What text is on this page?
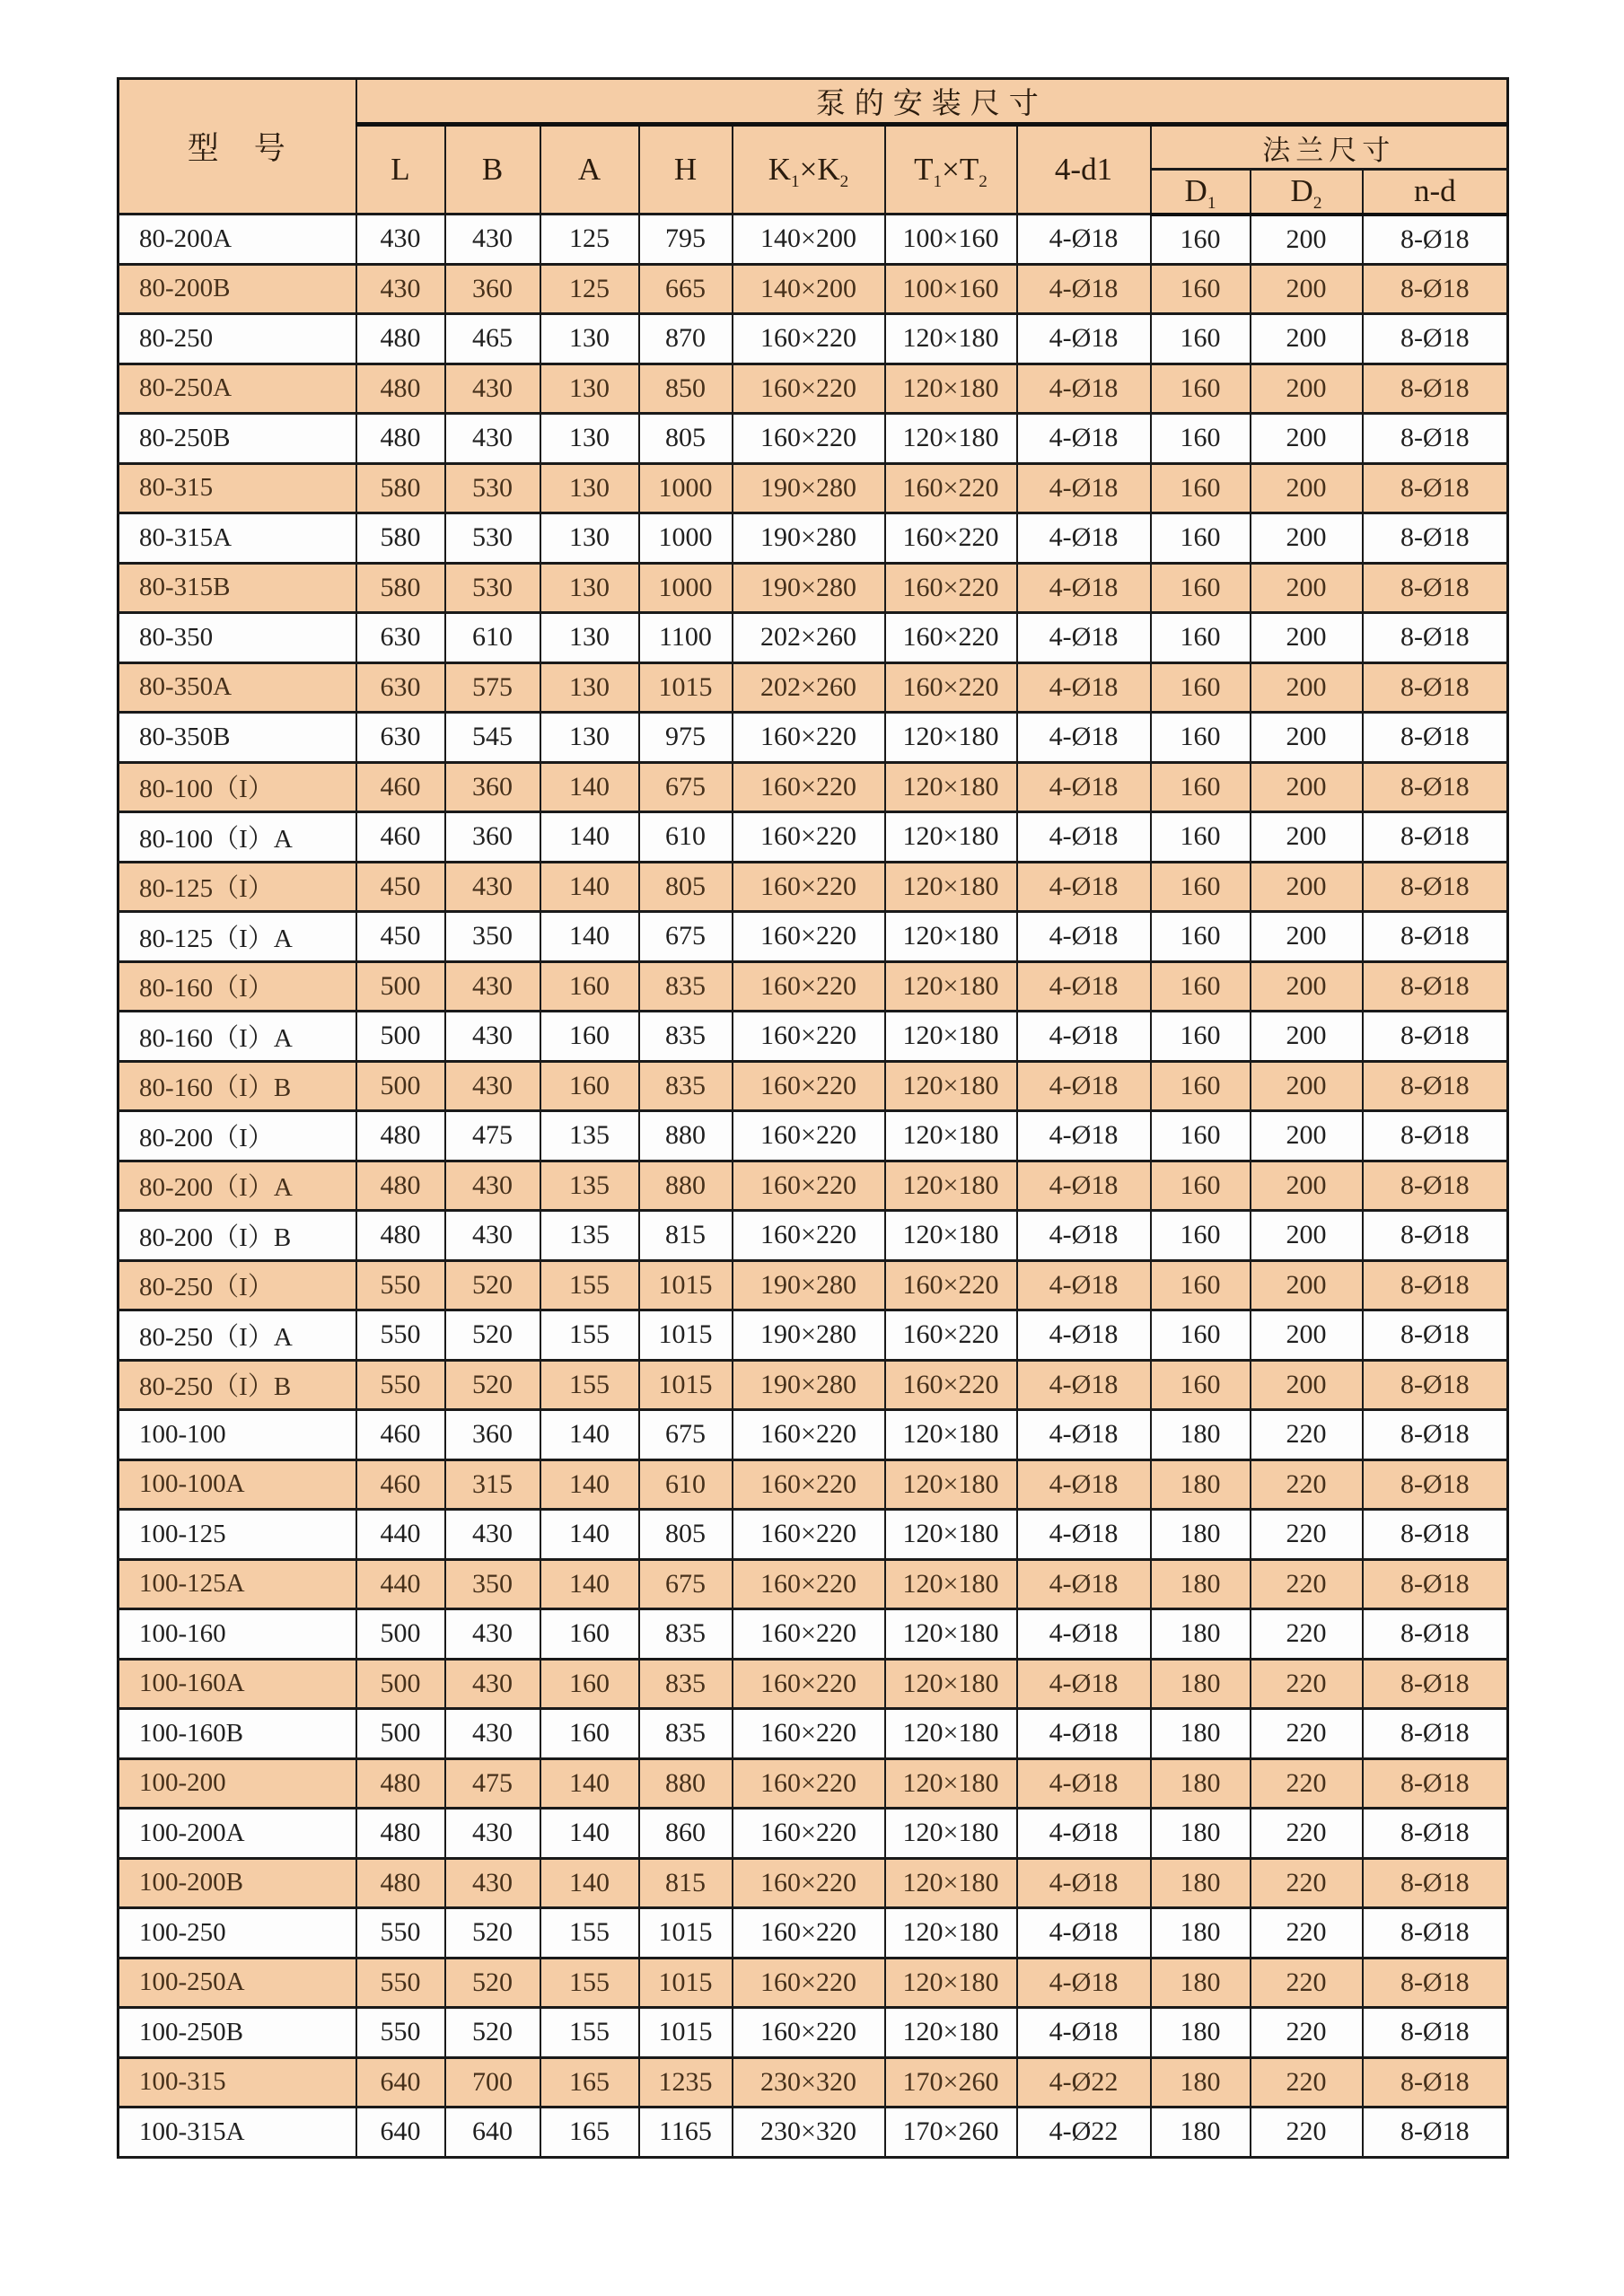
型　号	泵的安装尺寸									
	L	B	A	H	$K_1\times K_2$	$T_1\times T_2$	4-d1	法兰尺寸		
								$D_1$	$D_2$	n-d
80-200A	430	430	125	795	140×200	100×160	4-Ø18	160	200	8-Ø18
80-200B	430	360	125	665	140×200	100×160	4-Ø18	160	200	8-Ø18
80-250	480	465	130	870	160×220	120×180	4-Ø18	160	200	8-Ø18
80-250A	480	430	130	850	160×220	120×180	4-Ø18	160	200	8-Ø18
80-250B	480	430	130	805	160×220	120×180	4-Ø18	160	200	8-Ø18
80-315	580	530	130	1000	190×280	160×220	4-Ø18	160	200	8-Ø18
80-315A	580	530	130	1000	190×280	160×220	4-Ø18	160	200	8-Ø18
80-315B	580	530	130	1000	190×280	160×220	4-Ø18	160	200	8-Ø18
80-350	630	610	130	1100	202×260	160×220	4-Ø18	160	200	8-Ø18
80-350A	630	575	130	1015	202×260	160×220	4-Ø18	160	200	8-Ø18
80-350B	630	545	130	975	160×220	120×180	4-Ø18	160	200	8-Ø18
80-100（I）	460	360	140	675	160×220	120×180	4-Ø18	160	200	8-Ø18
80-100（I）A	460	360	140	610	160×220	120×180	4-Ø18	160	200	8-Ø18
80-125（I）	450	430	140	805	160×220	120×180	4-Ø18	160	200	8-Ø18
80-125（I）A	450	350	140	675	160×220	120×180	4-Ø18	160	200	8-Ø18
80-160（I）	500	430	160	835	160×220	120×180	4-Ø18	160	200	8-Ø18
80-160（I）A	500	430	160	835	160×220	120×180	4-Ø18	160	200	8-Ø18
80-160（I）B	500	430	160	835	160×220	120×180	4-Ø18	160	200	8-Ø18
80-200（I）	480	475	135	880	160×220	120×180	4-Ø18	160	200	8-Ø18
80-200（I）A	480	430	135	880	160×220	120×180	4-Ø18	160	200	8-Ø18
80-200（I）B	480	430	135	815	160×220	120×180	4-Ø18	160	200	8-Ø18
80-250（I）	550	520	155	1015	190×280	160×220	4-Ø18	160	200	8-Ø18
80-250（I）A	550	520	155	1015	190×280	160×220	4-Ø18	160	200	8-Ø18
80-250（I）B	550	520	155	1015	190×280	160×220	4-Ø18	160	200	8-Ø18
100-100	460	360	140	675	160×220	120×180	4-Ø18	180	220	8-Ø18
100-100A	460	315	140	610	160×220	120×180	4-Ø18	180	220	8-Ø18
100-125	440	430	140	805	160×220	120×180	4-Ø18	180	220	8-Ø18
100-125A	440	350	140	675	160×220	120×180	4-Ø18	180	220	8-Ø18
100-160	500	430	160	835	160×220	120×180	4-Ø18	180	220	8-Ø18
100-160A	500	430	160	835	160×220	120×180	4-Ø18	180	220	8-Ø18
100-160B	500	430	160	835	160×220	120×180	4-Ø18	180	220	8-Ø18
100-200	480	475	140	880	160×220	120×180	4-Ø18	180	220	8-Ø18
100-200A	480	430	140	860	160×220	120×180	4-Ø18	180	220	8-Ø18
100-200B	480	430	140	815	160×220	120×180	4-Ø18	180	220	8-Ø18
100-250	550	520	155	1015	160×220	120×180	4-Ø18	180	220	8-Ø18
100-250A	550	520	155	1015	160×220	120×180	4-Ø18	180	220	8-Ø18
100-250B	550	520	155	1015	160×220	120×180	4-Ø18	180	220	8-Ø18
100-315	640	700	165	1235	230×320	170×260	4-Ø22	180	220	8-Ø18
100-315A	640	640	165	1165	230×320	170×260	4-Ø22	180	220	8-Ø18
